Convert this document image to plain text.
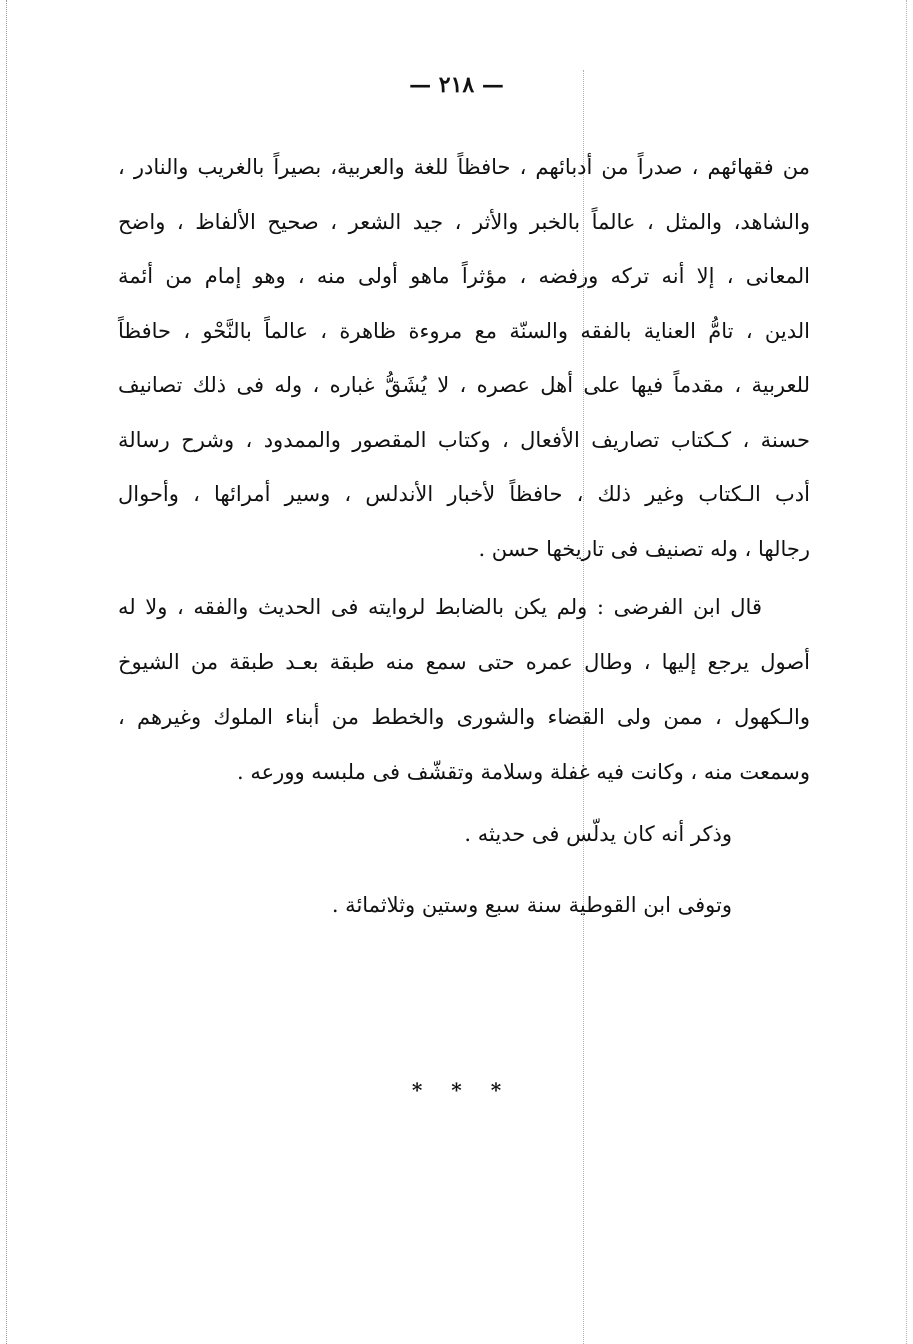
— ٢١٨ —
من فقهائهم ، صدراً من أدبائهم ، حافظاً للغة والعربية، بصيراً بالغريب والنادر ،
والشاهد، والمثل ، عالماً بالخبر والأثر ، جيد الشعر ، صحيح الألفاظ ، واضح
المعانى ، إلا أنه تركه ورفضه ، مؤثراً ماهو أولى منه ، وهو إمام من أئمة
الدين ، تامُّ العناية بالفقه والسنّة مع مروءة ظاهرة ، عالماً بالنَّحْو ، حافظاً
للعربية ، مقدماً فيها على أهل عصره ، لا يُشَقُّ غباره ، وله فى ذلك تصانيف
حسنة ، كـكتاب تصاريف الأفعال ، وكتاب المقصور والممدود ، وشرح رسالة
أدب الـكتاب وغير ذلك ، حافظاً لأخبار الأندلس ، وسير أمرائها ، وأحوال
رجالها ، وله تصنيف فى تاريخها حسن .
قال ابن الفرضى : ولم يكن بالضابط لروايته فى الحديث والفقه ، ولا له
أصول يرجع إليها ، وطال عمره حتى سمع منه طبقة بعـد طبقة من الشيوخ
والـكهول ، ممن ولى القضاء والشورى والخطط من أبناء الملوك وغيرهم ،
وسمعت منه ، وكانت فيه غفلة وسلامة وتقشّف فى ملبسه وورعه .
وذكر أنه كان يدلّس فى حديثه .
وتوفى ابن القوطية سنة سبع وستين وثلاثمائة .
* * *
